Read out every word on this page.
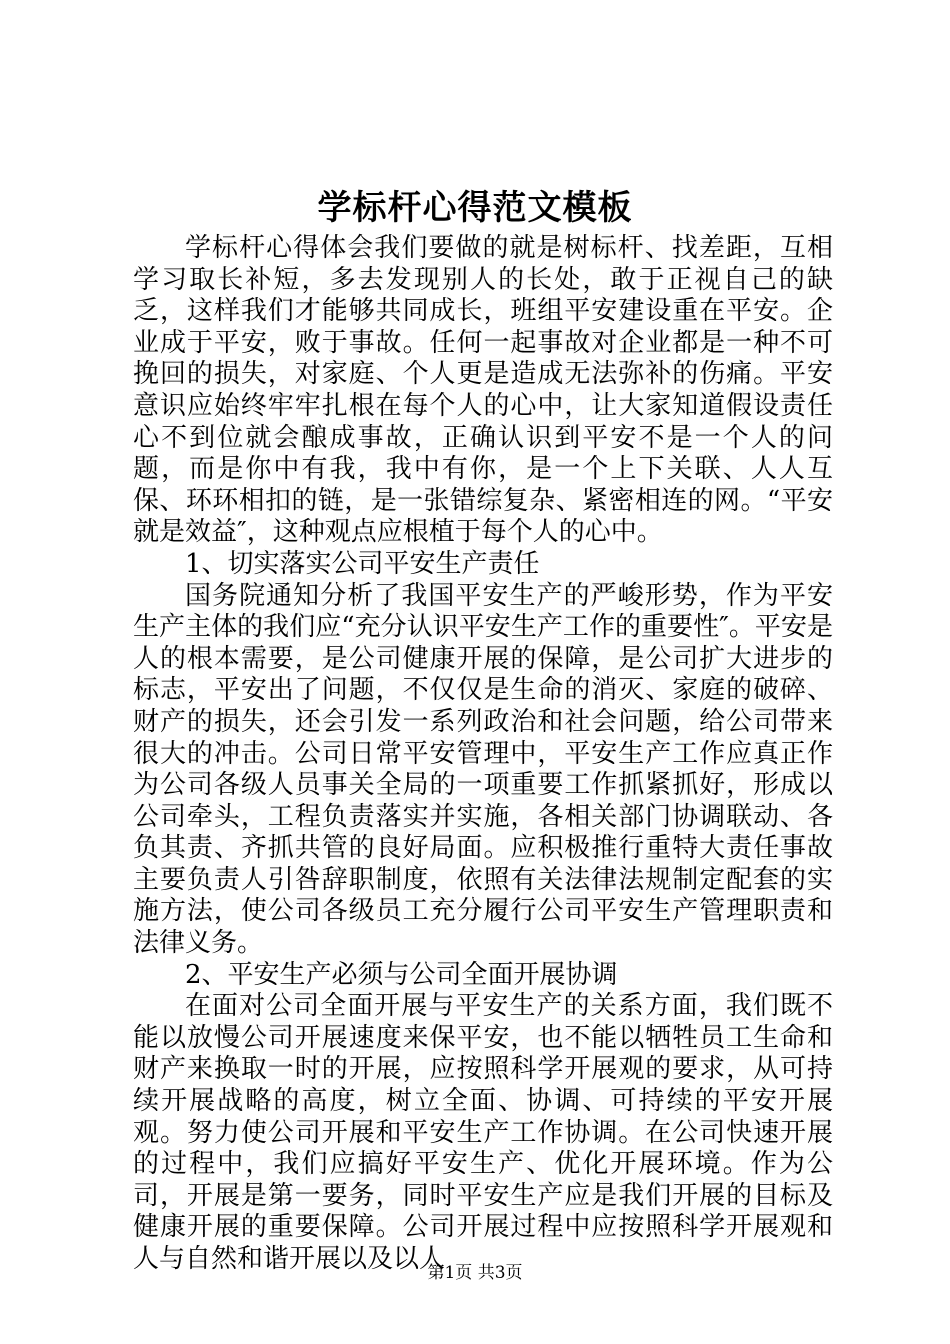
学标杆心得范文模板

学标杆心得体会我们要做的就是树标杆、找差距，互相学习取长补短，多去发现别人的长处，敢于正视自己的缺乏，这样我们才能够共同成长，班组平安建设重在平安。企业成于平安，败于事故。任何一起事故对企业都是一种不可挽回的损失，对家庭、个人更是造成无法弥补的伤痛。平安意识应始终牢牢扎根在每个人的心中，让大家知道假设责任心不到位就会酿成事故，正确认识到平安不是一个人的问题，而是你中有我，我中有你，是一个上下关联、人人互保、环环相扣的链，是一张错综复杂、紧密相连的网。“平安就是效益″，这种观点应根植于每个人的心中。

1、切实落实公司平安生产责任

国务院通知分析了我国平安生产的严峻形势，作为平安生产主体的我们应“充分认识平安生产工作的重要性″。平安是人的根本需要，是公司健康开展的保障，是公司扩大进步的标志，平安出了问题，不仅仅是生命的消灭、家庭的破碎、财产的损失，还会引发一系列政治和社会问题，给公司带来很大的冲击。公司日常平安管理中，平安生产工作应真正作为公司各级人员事关全局的一项重要工作抓紧抓好，形成以公司牵头，工程负责落实并实施，各相关部门协调联动、各负其责、齐抓共管的良好局面。应积极推行重特大责任事故主要负责人引咎辞职制度，依照有关法律法规制定配套的实施方法，使公司各级员工充分履行公司平安生产管理职责和法律义务。

2、平安生产必须与公司全面开展协调

在面对公司全面开展与平安生产的关系方面，我们既不能以放慢公司开展速度来保平安，也不能以牺牲员工生命和财产来换取一时的开展，应按照科学开展观的要求，从可持续开展战略的高度，树立全面、协调、可持续的平安开展观。努力使公司开展和平安生产工作协调。在公司快速开展的过程中，我们应搞好平安生产、优化开展环境。作为公司，开展是第一要务，同时平安生产应是我们开展的目标及健康开展的重要保障。公司开展过程中应按照科学开展观和人与自然和谐开展以及以人

第1页 共3页
